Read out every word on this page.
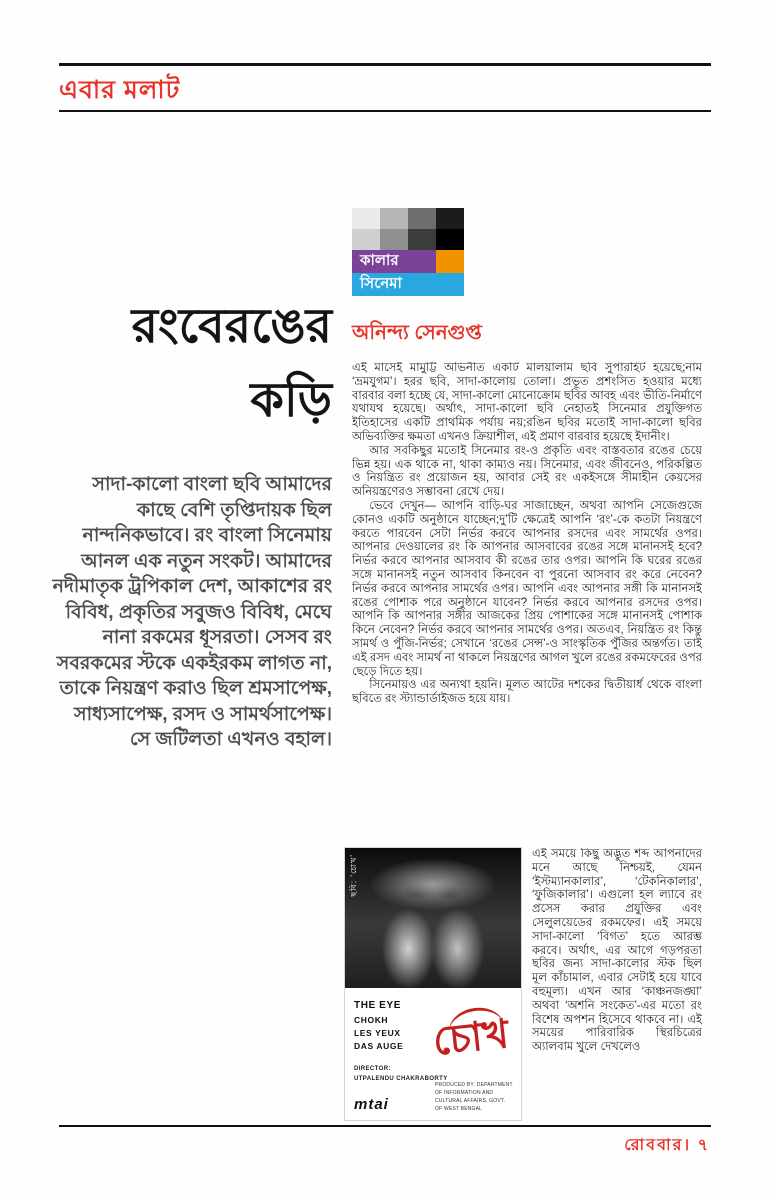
এবার মলাট
কালার
সিনেমা
রংবেরঙের কড়ি
সাদা-কালো বাংলা ছবি আমাদের কাছে বেশি তৃপ্তিদায়ক ছিল নান্দনিকভাবে। রং বাংলা সিনেমায় আনল এক নতুন সংকট। আমাদের নদীমাতৃক ট্রপিকাল দেশ, আকাশের রং বিবিধ, প্রকৃতির সবুজও বিবিধ, মেঘে নানা রকমের ধূসরতা। সেসব রং সবরকমের স্টকে একইরকম লাগত না, তাকে নিয়ন্ত্রণ করাও ছিল শ্রমসাপেক্ষ, সাধ্যসাপেক্ষ, রসদ ও সামর্থসাপেক্ষ। সে জটিলতা এখনও বহাল।
অনিন্দ্য সেনগুপ্ত

এই মাসেই মামুট্টি অভিনীত একটি মালয়ালাম ছবি সুপারহিট হয়েছে;নাম ‘ভ্রমযুগম’। হরর ছবি, সাদা-কালোয় তোলা। প্রভূত প্রশংসিত হওয়ার মধ্যে বারবার বলা হচ্ছে যে, সাদা-কালো মোনোক্রোম ছবির আবহ এবং ভীতি-নির্মাণে যথাযথ হয়েছে। অর্থাৎ, সাদা-কালো ছবি নেহাতই সিনেমার প্রযুক্তিগত ইতিহাসের একটি প্রাথমিক পর্যায় নয়;রঙিন ছবির মতোই সাদা-কালো ছবির অভিব্যক্তির ক্ষমতা এখনও ক্রিয়াশীল, এই প্রমাণ বারবার হয়েছে ইদানীং।

আর সবকিছুর মতোই সিনেমার রং-ও প্রকৃতি এবং বাস্তবতার রঙের চেয়ে ভিন্ন হয়। এক থাকে না, থাকা কাম্যও নয়। সিনেমার, এবং জীবনেও, পরিকল্পিত ও নিয়ন্ত্রিত রং প্রয়োজন হয়, আবার সেই রং একইসঙ্গে সীমাহীন কেয়সের অনিয়ন্ত্রণেরও সম্ভাবনা রেখে দেয়।

ভেবে দেখুন— আপনি বাড়ি-ঘর সাজাচ্ছেন, অথবা আপনি সেজেগুজে কোনও একটি অনুষ্ঠানে যাচ্ছেন;দু’টি ক্ষেত্রেই আপনি ‘রং’-কে কতটা নিয়ন্ত্রণে করতে পারবেন সেটা নির্ভর করবে আপনার রসদের এবং সামর্থের ওপর। আপনার দেওয়ালের রং কি আপনার আসবাবের রঙের সঙ্গে মানানসই হবে? নির্ভর করবে আপনার আসবাব কী রঙের তার ওপর। আপনি কি ঘরের রঙের সঙ্গে মানানসই নতুন আসবাব কিনবেন বা পুরনো আসবাব রং করে নেবেন? নির্ভর করবে আপনার সামর্থের ওপর। আপনি এবং আপনার সঙ্গী কি মানানসই রঙের পোশাক পরে অনুষ্ঠানে যাবেন? নির্ভর করবে আপনার রসদের ওপর। আপনি কি আপনার সঙ্গীর আজকের প্রিয় পোশাকের সঙ্গে মানানসই পোশাক কিনে নেবেন? নির্ভর করবে আপনার সামর্থের ওপর। অতএব, নিয়ন্ত্রিত রং কিন্তু সামর্থ ও পুঁজি-নির্ভর; সেখানে ‘রঙের সেন্স’-ও সাংস্কৃতিক পুঁজির অন্তর্গত। তাই এই রসদ এবং সামর্থ না থাকলে নিয়ন্ত্রণের আগল খুলে রঙের রকমফেরের ওপর ছেড়ে দিতে হয়।

সিনেমায়ও এর অন্যথা হয়নি। মূলত আটের দশকের দ্বিতীয়ার্ধ থেকে বাংলা ছবিতে রং স্ট্যান্ডার্ডাইজড হয়ে যায়।

ছবি: ‘চোখ’
THE EYE
CHOKH
LES YEUX
DAS AUGE চোখ
DIRECTOR:
UTPALENDU CHAKRABORTY
mtai
PRODUCED BY: DEPARTMENT OF INFORMATION AND CULTURAL AFFAIRS, GOVT. OF WEST BENGAL

এই সময়ে কিছু অদ্ভুত শব্দ আপনাদের মনে আছে নিশ্চয়ই, যেমন ‘ইস্টম্যানকালার’, ‘টেকনিকালার’, ‘ফুজিকালার’। এগুলো হল ল্যাবে রং প্রসেস করার প্রযুক্তির এবং সেলুলয়েডের রকমফের। এই সময়ে সাদা-কালো ‘বিগত’ হতে আরম্ভ করবে। অর্থাৎ, এর আগে গড়পরতা ছবির জন্য সাদা-কালোর স্টক ছিল মূল কাঁচামাল, এবার সেটাই হয়ে যাবে বহুমূল্য। এখন আর ‘কাঞ্চনজঙ্ঘা’ অথবা ‘অশনি সংকেত’-এর মতো রং বিশেষ অপশন হিসেবে থাকবে না। এই সময়ের পারিবারিক স্থিরচিত্রের অ্যালবাম খুলে দেখলেও

রোববার। ৭
